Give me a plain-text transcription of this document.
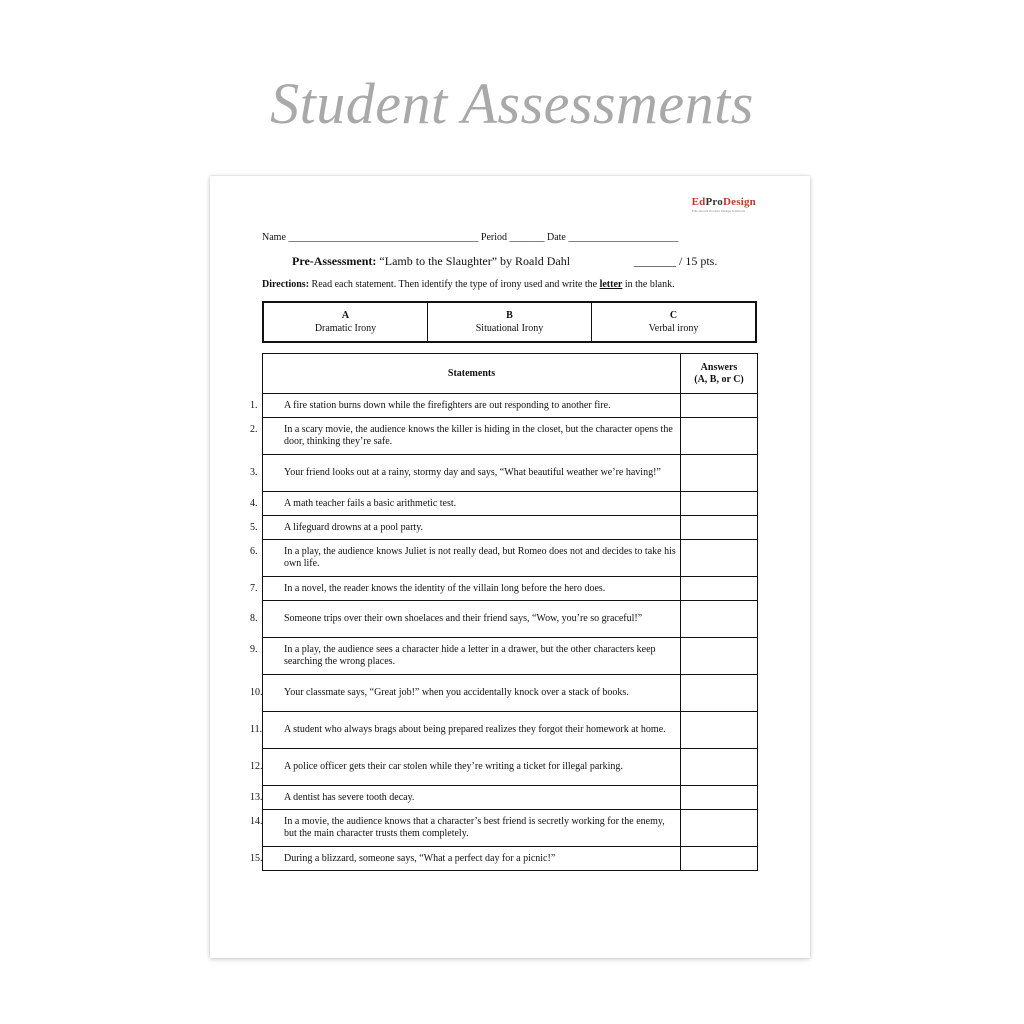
Student Assessments
EdProDesign
Educational Product Design Solutions
Name ______________________________________ Period _______ Date ______________________
Pre-Assessment: “Lamb to the Slaughter” by Roald Dahl	_______ / 15 pts.
Directions: Read each statement. Then identify the type of irony used and write the letter in the blank.
A
Dramatic Irony
B
Situational Irony
C
Verbal irony
Statements	Answers
(A, B, or C)

1. A fire station burns down while the firefighters are out responding to another fire.	

2. In a scary movie, the audience knows the killer is hiding in the closet, but the character opens the door, thinking they’re safe.	

3. Your friend looks out at a rainy, stormy day and says, “What beautiful weather we’re having!”	

4. A math teacher fails a basic arithmetic test.	

5. A lifeguard drowns at a pool party.	

6. In a play, the audience knows Juliet is not really dead, but Romeo does not and decides to take his own life.	

7. In a novel, the reader knows the identity of the villain long before the hero does.	

8. Someone trips over their own shoelaces and their friend says, “Wow, you’re so graceful!”	

9. In a play, the audience sees a character hide a letter in a drawer, but the other characters keep searching the wrong places.	

10. Your classmate says, “Great job!” when you accidentally knock over a stack of books.	

11. A student who always brags about being prepared realizes they forgot their homework at home.	

12. A police officer gets their car stolen while they’re writing a ticket for illegal parking.	

13. A dentist has severe tooth decay.	

14. In a movie, the audience knows that a character’s best friend is secretly working for the enemy, but the main character trusts them completely.	

15. During a blizzard, someone says, “What a perfect day for a picnic!”	
